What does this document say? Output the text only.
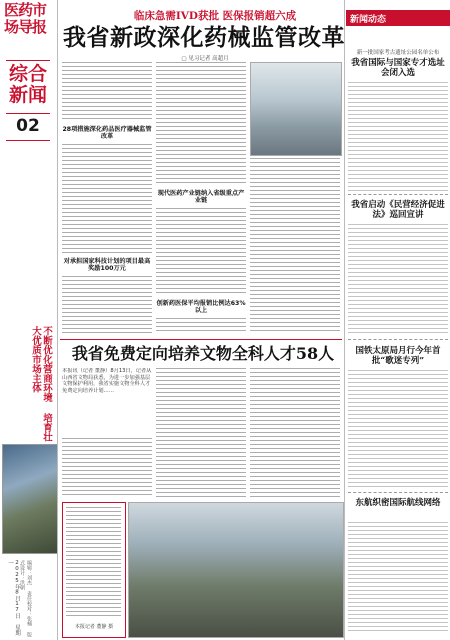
医药市场导报
综合新闻
02
不断优化营商环境 培育壮大优质市场主体
2025年8月17日 星期一	编辑：刘杰 责任校对：张楠 版式设计：洪朝
临床急需IVD获批 医保报销超六成
我省新政深化药械监管改革
▢ 见习记者 高超月
28项措施深化药品医疗器械监管改革
对承担国家科技计划的项目最高奖励100万元
现代医药产业链纳入省级重点产业链
创新药医保平均报销比例达63%以上
我省免费定向培养文物全科人才58人
本报讯（记者 董静）8月13日，记者从山西省文物局获悉，为进一步加强基层文物保护利用，我省实施文物全科人才免费定向培养计划……
本报记者 董静 摄
新闻动态
新一批国家考古遗址公园名单公布
我省国际与国家专才选址会闭入选
我省启动《民营经济促进法》巡回宣讲
国铁太原局月行今年首批“歌迷专列”
东航织密国际航线网络
